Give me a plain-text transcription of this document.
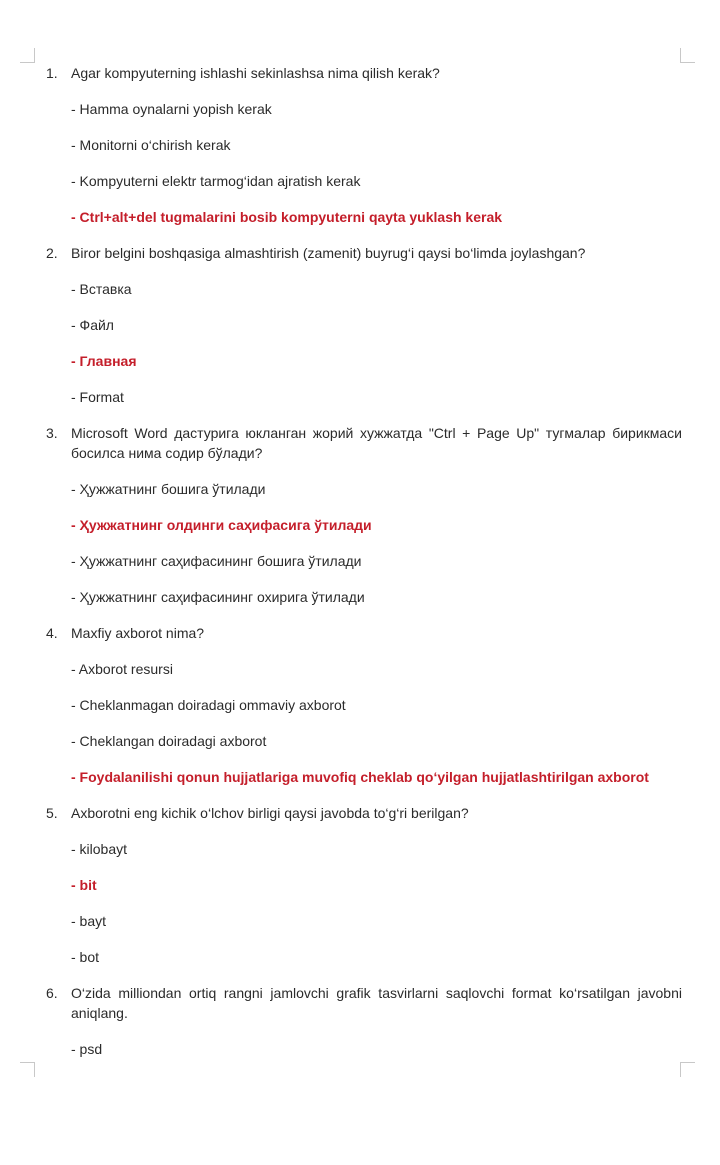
1. Agar kompyuterning ishlashi sekinlashsa nima qilish kerak?
- Hamma oynalarni yopish kerak
- Monitorni o‘chirish kerak
- Kompyuterni elektr tarmog‘idan ajratish kerak
- Ctrl+alt+del tugmalarini bosib kompyuterni qayta yuklash kerak
2. Biror belgini boshqasiga almashtirish (zamenit) buyrug‘i qaysi bo‘limda joylashgan?
- Вставка
- Файл
- Главная
- Format
3. Microsoft Word дастурига юкланган жорий хужжатда "Ctrl + Page Up" тугмалар бирикмаси босилса нима содир бўлади?
- Ҳужжатнинг бошига ўтилади
- Ҳужжатнинг олдинги саҳифасига ўтилади
- Ҳужжатнинг саҳифасининг бошига ўтилади
- Ҳужжатнинг саҳифасининг охирига ўтилади
4. Maxfiy axborot nima?
- Axborot resursi
- Cheklanmagan doiradagi ommaviy axborot
- Cheklangan doiradagi axborot
- Foydalanilishi qonun hujjatlariga muvofiq cheklab qo‘yilgan hujjatlashtirilgan axborot
5. Axborotni eng kichik o‘lchov birligi qaysi javobda to‘g‘ri berilgan?
- kilobayt
- bit
- bayt
- bot
6. O‘zida milliondan ortiq rangni jamlovchi grafik tasvirlarni saqlovchi format ko‘rsatilgan javobni aniqlang.
- psd
